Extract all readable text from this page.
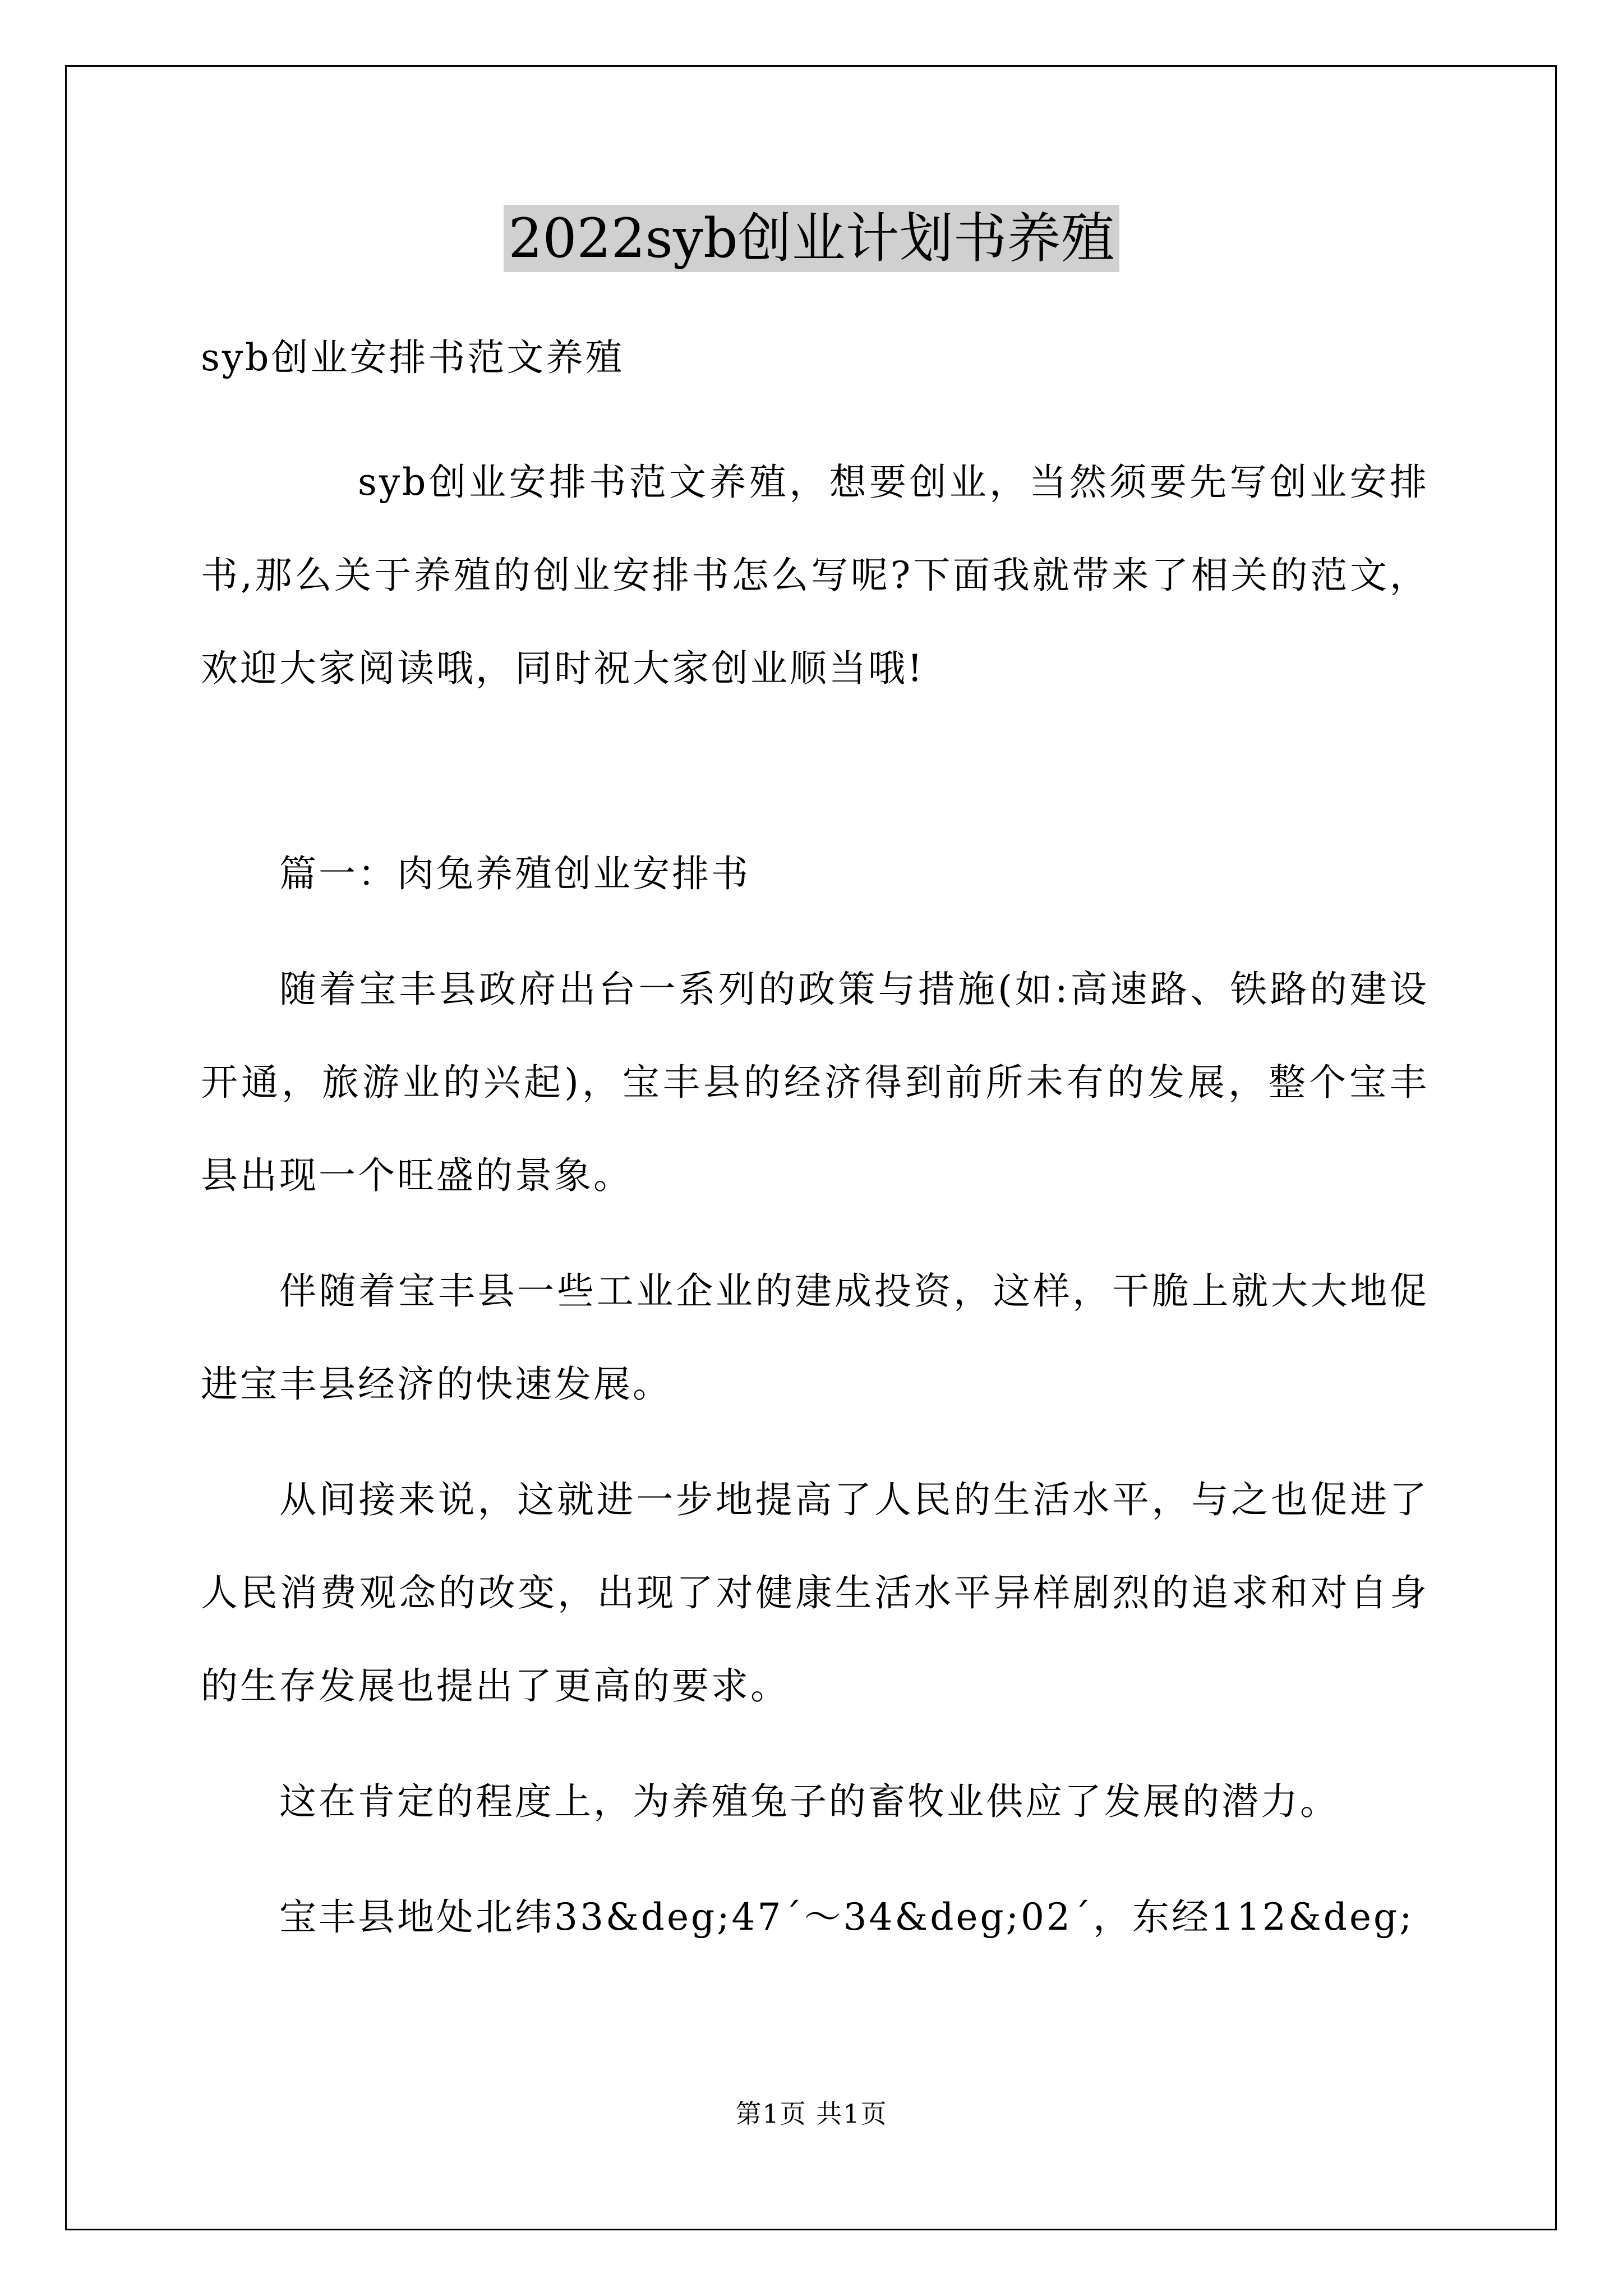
2022syb创业计划书养殖

syb创业安排书范文养殖

syb创业安排书范文养殖，想要创业，当然须要先写创业安排书,那么关于养殖的创业安排书怎么写呢?下面我就带来了相关的范文，欢迎大家阅读哦，同时祝大家创业顺当哦!

篇一：肉兔养殖创业安排书

随着宝丰县政府出台一系列的政策与措施(如:高速路、铁路的建设开通，旅游业的兴起)，宝丰县的经济得到前所未有的发展，整个宝丰县出现一个旺盛的景象。

伴随着宝丰县一些工业企业的建成投资，这样，干脆上就大大地促进宝丰县经济的快速发展。

从间接来说，这就进一步地提高了人民的生活水平，与之也促进了人民消费观念的改变，出现了对健康生活水平异样剧烈的追求和对自身的生存发展也提出了更高的要求。

这在肯定的程度上，为养殖兔子的畜牧业供应了发展的潜力。

宝丰县地处北纬33&deg;47´～34&deg;02´，东经112&deg;

第1页 共1页
